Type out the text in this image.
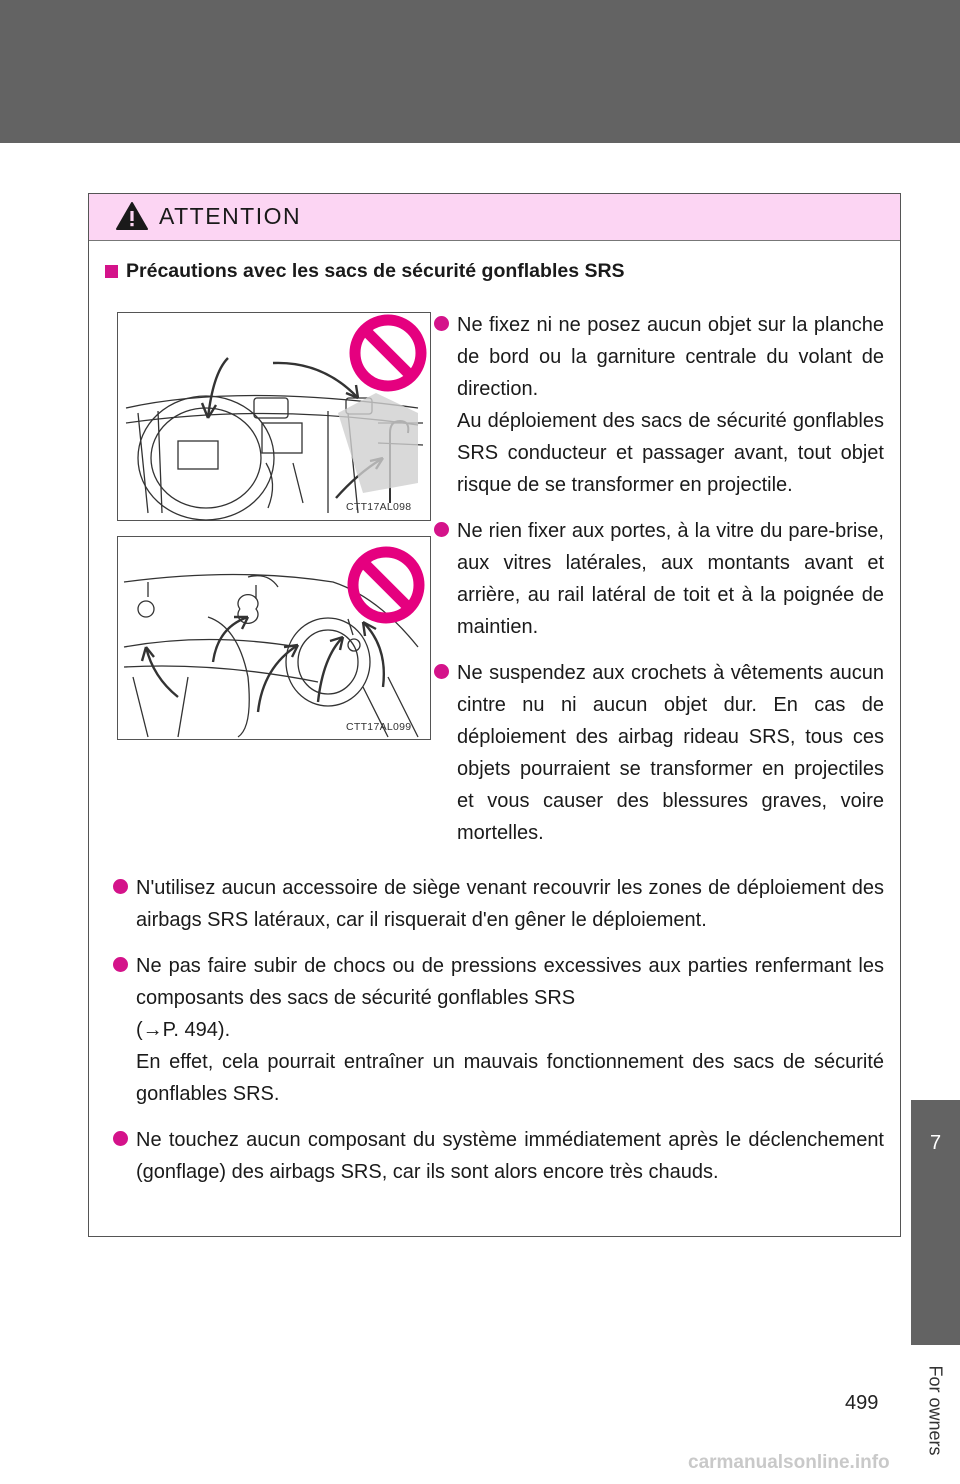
ATTENTION
Précautions avec les sacs de sécurité gonflables SRS
CTT17AL098
CTT17AL099
Ne fixez ni ne posez aucun objet sur la planche de bord ou la garniture centrale du volant de direction.
Au déploiement des sacs de sécurité gonflables SRS conducteur et passager avant, tout objet risque de se transformer en projectile.
Ne rien fixer aux portes, à la vitre du pare-brise, aux vitres latérales, aux montants avant et arrière, au rail latéral de toit et à la poignée de maintien.
Ne suspendez aux crochets à vêtements aucun cintre nu ni aucun objet dur. En cas de déploiement des airbag rideau SRS, tous ces objets pourraient se transformer en projectiles et vous causer des blessures graves, voire mortelles.
N'utilisez aucun accessoire de siège venant recouvrir les zones de déploiement des airbags SRS latéraux, car il risquerait d'en gêner le déploiement.
Ne pas faire subir de chocs ou de pressions excessives aux parties renfermant les composants des sacs de sécurité gonflables SRS
(→P. 494).
En effet, cela pourrait entraîner un mauvais fonctionnement des sacs de sécurité gonflables SRS.
Ne touchez aucun composant du système immédiatement après le déclenchement (gonflage) des airbags SRS, car ils sont alors encore très chauds.
7
For owners
499
carmanualsonline.info
